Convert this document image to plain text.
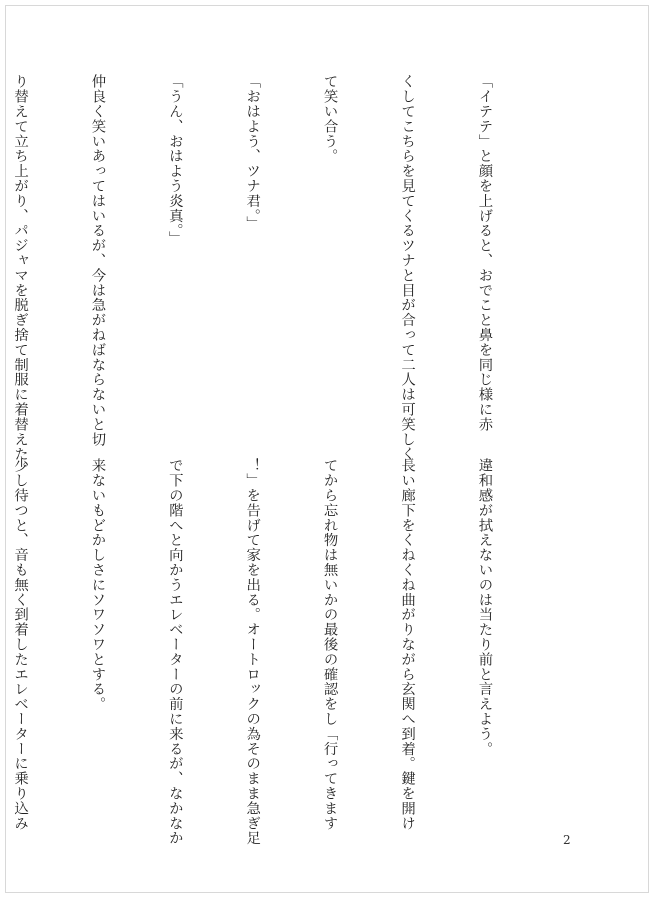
「イテテ」と顔を上げると、おでこと鼻を同じ様に赤

くしてこちらを見てくるツナと目が合って二人は可笑しく

て笑い合う。

「おはよう、ツナ君。」

「うん、おはよう炎真。」

仲良く笑いあってはいるが、今は急がねばならないと切

り替えて立ち上がり、パジャマを脱ぎ捨て制服に着替えた。

違和感が拭えないのは当たり前と言えよう。

長い廊下をくねくね曲がりながら玄関へ到着。鍵を開け

てから忘れ物は無いかの最後の確認をし「行ってきます

！」を告げて家を出る。オートロックの為そのまま急ぎ足

で下の階へと向かうエレベーターの前に来るが、なかなか

来ないもどかしさにソワソワとする。

少し待つと、音も無く到着したエレベーターに乗り込み

2
